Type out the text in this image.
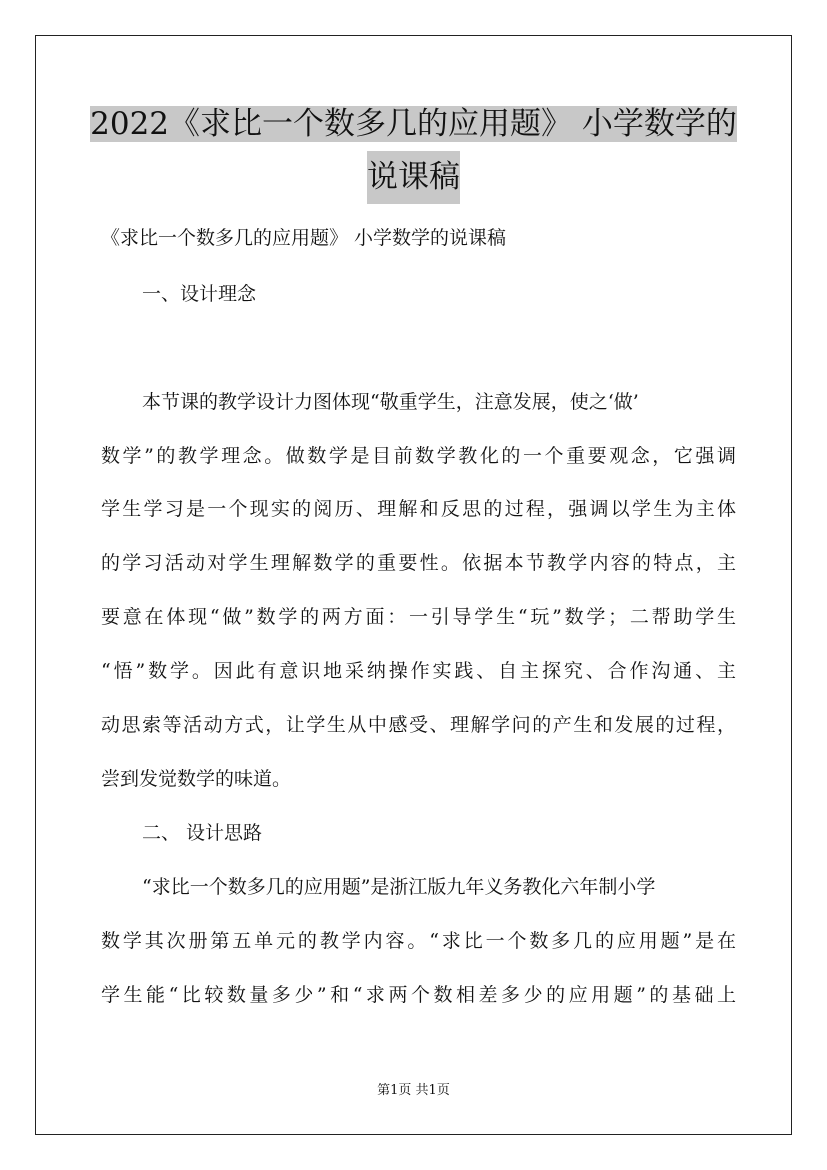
2022《求比一个数多几的应用题》 小学数学的
说课稿
《求比一个数多几的应用题》 小学数学的说课稿
一、设计理念
本节课的教学设计力图体现“敬重学生，注意发展，使之‘做’
数学”的教学理念。做数学是目前数学教化的一个重要观念，它强调
学生学习是一个现实的阅历、理解和反思的过程，强调以学生为主体
的学习活动对学生理解数学的重要性。依据本节教学内容的特点，主
要意在体现“做”数学的两方面：一引导学生“玩”数学；二帮助学生
“悟”数学。因此有意识地采纳操作实践、自主探究、合作沟通、主
动思索等活动方式，让学生从中感受、理解学问的产生和发展的过程，
尝到发觉数学的味道。
二、 设计思路
“求比一个数多几的应用题”是浙江版九年义务教化六年制小学
数学其次册第五单元的教学内容。“求比一个数多几的应用题”是在
学生能“比较数量多少”和“求两个数相差多少的应用题”的基础上
第1页 共1页
